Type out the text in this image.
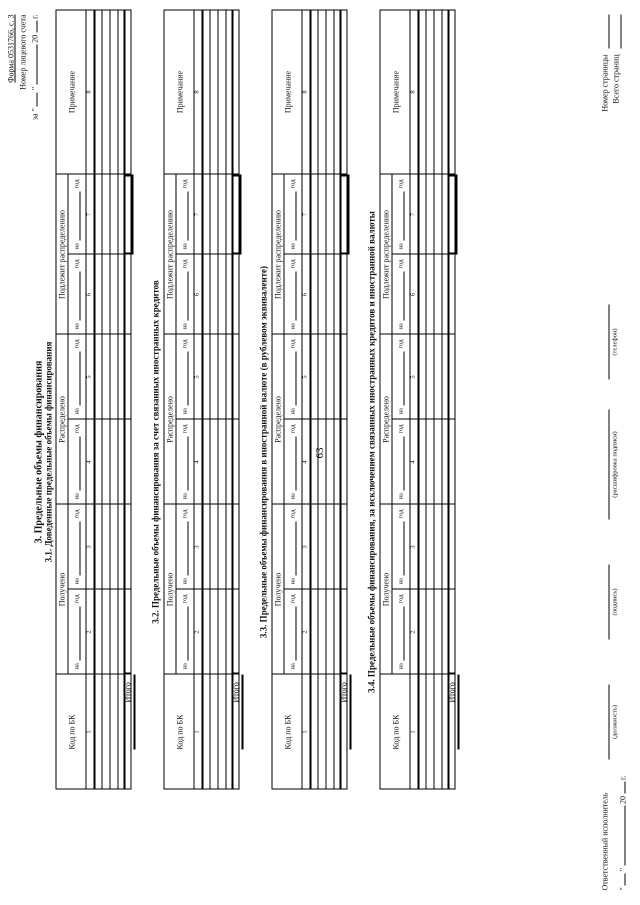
63
Форма 0531766, с. 3 Номер лицевого счета
за "  "  20  г.
3. Предельные объемы финансирования 3.1. Доведенные предельные объемы финансирования
Итого
Код по БК
Получено
Распределено
Подлежит распределению
Примечание
на
год
на
год
на
год
на
год
на
год
на
год
1
2
3
4
5
6
7
8
3.2. Предельные объемы финансирования за счет связанных иностранных кредитов
Итого
Код по БК
Получено
Распределено
Подлежит распределению
Примечание
на
год
на
год
на
год
на
год
на
год
на
год
1
2
3
4
5
6
7
8
3.3. Предельные объемы финансирования в иностранной валюте (в рублевом эквиваленте)
Итого
Код по БК
Получено
Распределено
Подлежит распределению
Примечание
на
год
на
год
на
год
на
год
на
год
на
год
1
2
3
4
5
6
7
8
3.4. Предельные объемы финансирования, за исключением связанных иностранных кредитов и иностранной валюты	Итого
Код по БК
Получено
Распределено
Подлежит распределению
Примечание
на
год
на
год
на
год
на
год
на
год
на
год
1
2
3
4
5
6
7
8
Ответственный исполнитель
(должность)
(подпись)
(расшифровка подписи)
(телефон)
"  "  20  г.
Номер страницы Всего страниц
